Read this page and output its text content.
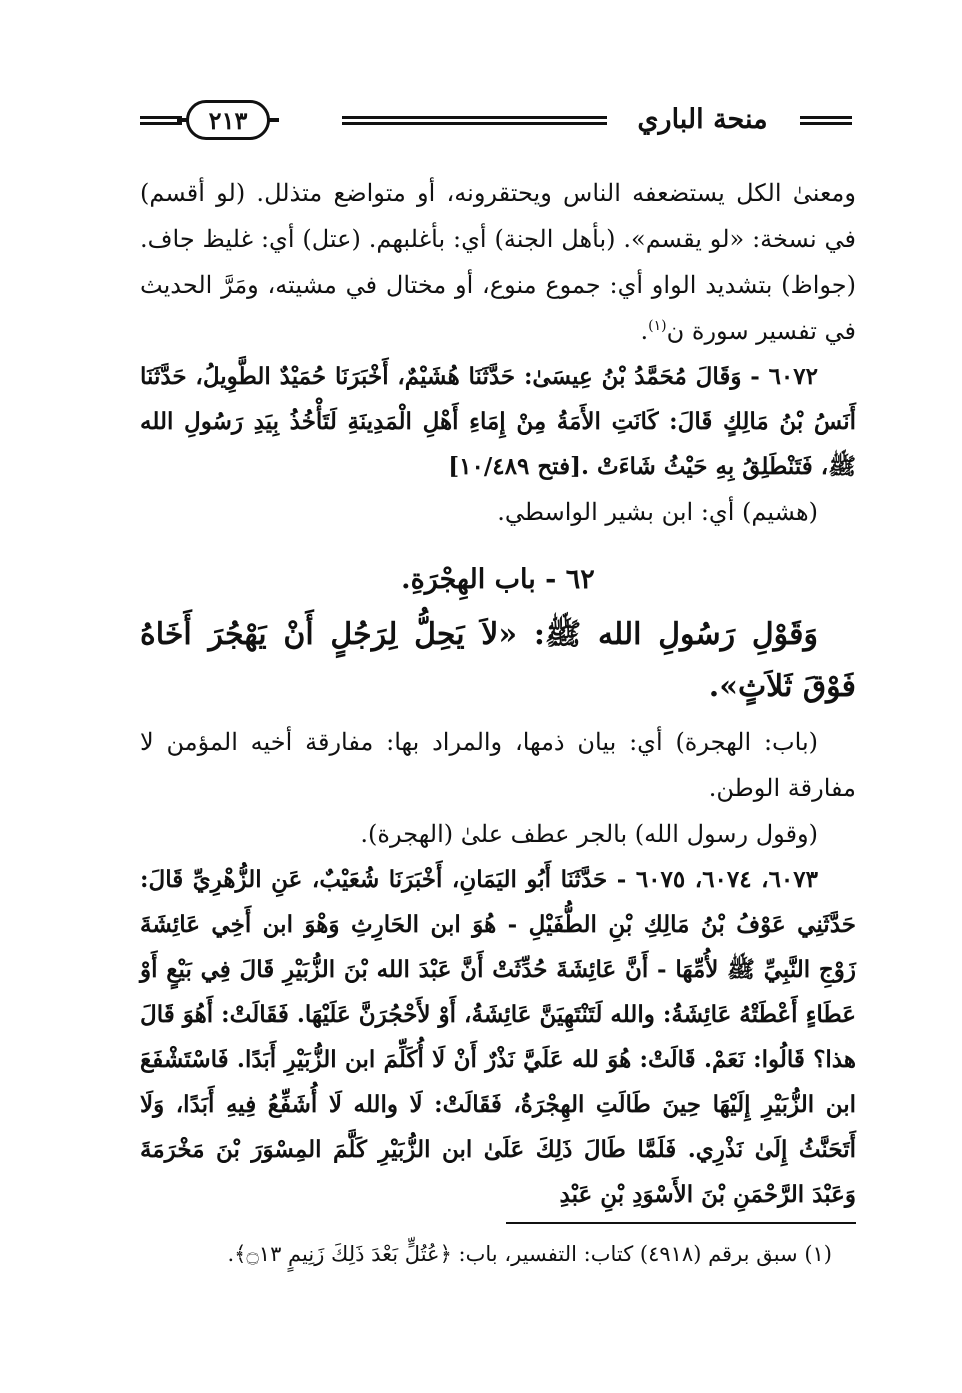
منحة الباري
٢١٣

ومعنىٰ الكل يستضعفه الناس ويحتقرونه، أو متواضع متذلل. (لو أقسم) في نسخة: «لو يقسم». (بأهل الجنة) أي: بأغلبهم. (عتل) أي: غليظ جاف. (جواظ) بتشديد الواو أي: جموع منوع، أو مختال في مشيته، ومَرَّ الحديث في تفسير سورة ن$^{(١)}$.

٦٠٧٢ - وَقَالَ مُحَمَّدُ بْنُ عِيسَىٰ: حَدَّثَنَا هُشَيْمٌ، أَخْبَرَنَا حُمَيْدٌ الطَّوِيلُ، حَدَّثَنَا أَنَسُ بْنُ مَالِكٍ قَالَ: كَانَتِ الأَمَةُ مِنْ إِمَاءِ أَهْلِ الْمَدِينَةِ لَتَأْخُذُ بِيَدِ رَسُولِ الله ﷺ، فَتَنْطَلِقُ بِهِ حَيْثُ شَاءَتْ .[فتح ١٠/٤٨٩]

(هشيم) أي: ابن بشير الواسطي.

٦٢ - باب الهِجْرَةِ.

وَقَوْلِ رَسُولِ الله ﷺ: «لاَ يَحِلُّ لِرَجُلٍ أَنْ يَهْجُرَ أَخَاهُ فَوْقَ ثَلاَثٍ».

(باب: الهجرة) أي: بيان ذمها، والمراد بها: مفارقة أخيه المؤمن لا مفارقة الوطن.

(وقول رسول الله) بالجر عطف علىٰ (الهجرة).

٦٠٧٣، ٦٠٧٤، ٦٠٧٥ - حَدَّثَنَا أَبُو اليَمَانِ، أَخْبَرَنَا شُعَيْبٌ، عَنِ الزُّهْرِيِّ قَالَ: حَدَّثَنِي عَوْفُ بْنُ مَالِكِ بْنِ الطُّفَيْلِ - هُوَ ابن الحَارِثِ وَهْوَ ابن أَخِي عَائِشَةَ زَوْجِ النَّبِيِّ ﷺ لأُمِّهَا - أَنَّ عَائِشَةَ حُدِّثَتْ أَنَّ عَبْدَ الله بْنَ الزُّبَيْرِ قَالَ فِي بَيْعٍ أَوْ عَطَاءٍ أَعْطَتْهُ عَائِشَةُ: والله لَتَنْتَهِيَنَّ عَائِشَةُ، أَوْ لأَحْجُرَنَّ عَلَيْهَا. فَقَالَتْ: أَهُوَ قَالَ هذا؟ قَالُوا: نَعَمْ. قَالَتْ: هُوَ لله عَلَيَّ نَذْرٌ أَنْ لَا أُكَلِّمَ ابن الزُّبَيْرِ أَبَدًا. فَاسْتَشْفَعَ ابن الزُّبَيْرِ إِلَيْهَا حِينَ طَالَتِ الهِجْرَةُ، فَقَالَتْ: لَا والله لَا أُشَفِّعُ فِيهِ أَبَدًا، وَلَا أَتَحَنَّثُ إِلَىٰ نَذْرِي. فَلَمَّا طَالَ ذَلِكَ عَلَىٰ ابن الزُّبَيْرِ كَلَّمَ المِسْوَرَ بْنَ مَخْرَمَةَ وَعَبْدَ الرَّحْمَنِ بْنَ الأَسْوَدِ بْنِ عَبْدِ

(١) سبق برقم (٤٩١٨) كتاب: التفسير، باب: ﴿عُتُلٍّ بَعْدَ ذَلِكَ زَنِيمٍ ۝١٣﴾.
